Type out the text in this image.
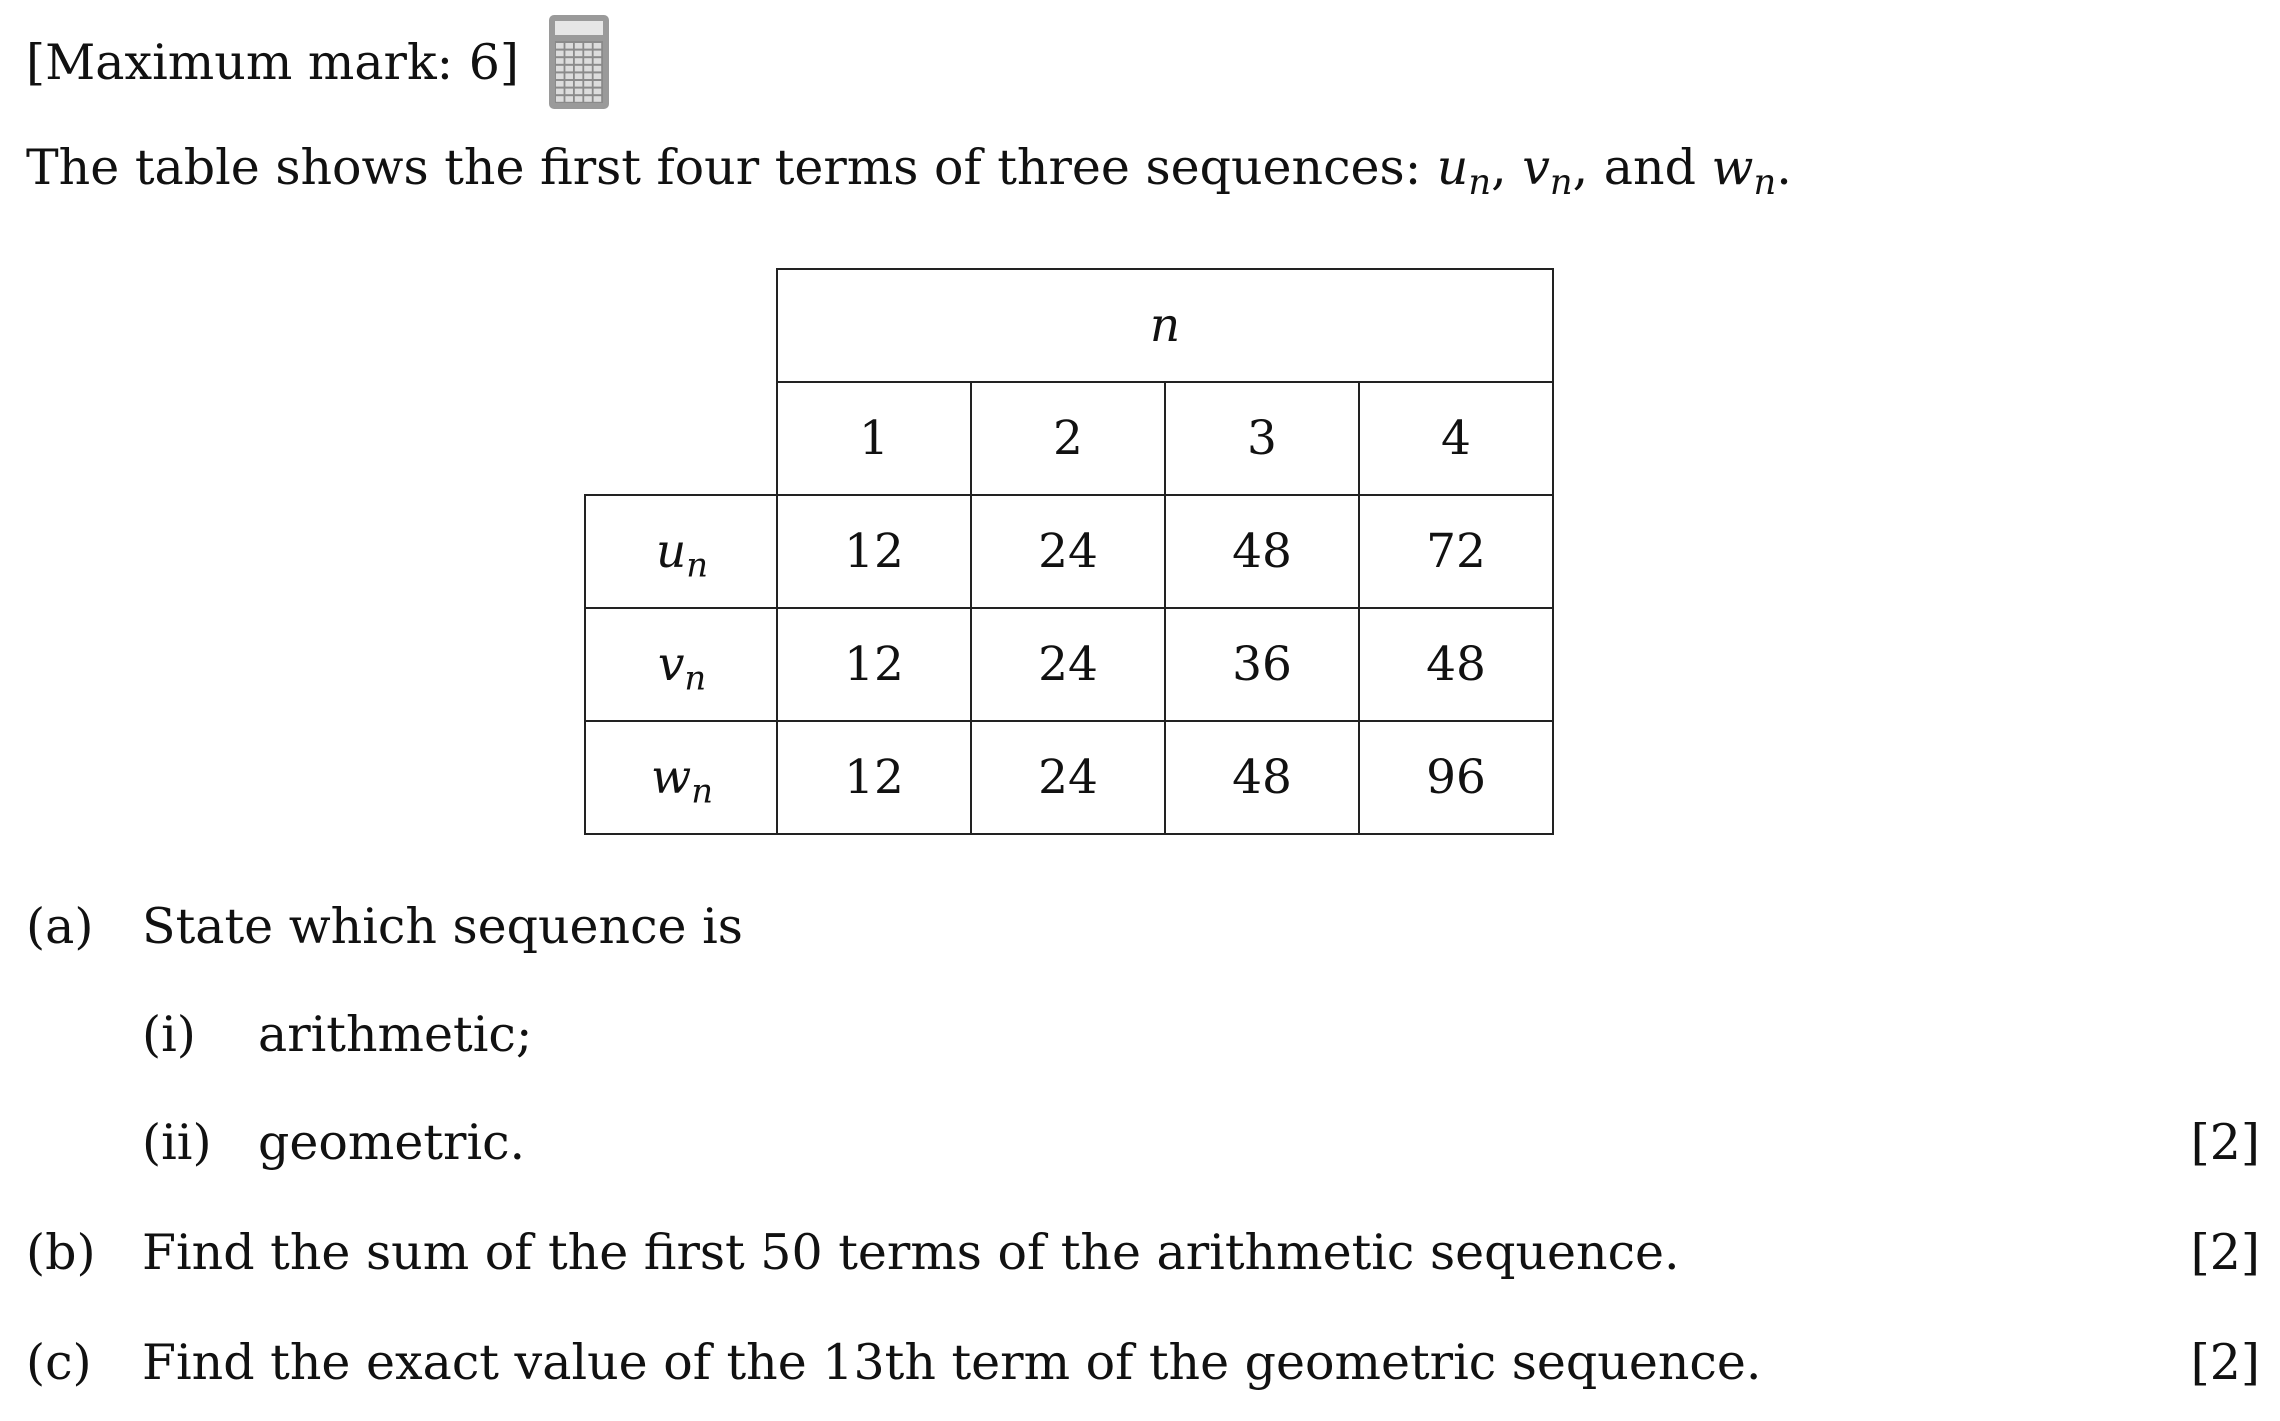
[Maximum mark: 6]
The table shows the first four terms of three sequences: $u_n$, $v_n$, and $w_n$.
n
1	2	3	4
$u_n$	12	24	48	72
$v_n$	12	24	36	48
$w_n$	12	24	48	96
(a) State which sequence is
(i) arithmetic;
(ii) geometric.	[2]
(b) Find the sum of the first 50 terms of the arithmetic sequence.	[2]
(c) Find the exact value of the 13th term of the geometric sequence.	[2]
